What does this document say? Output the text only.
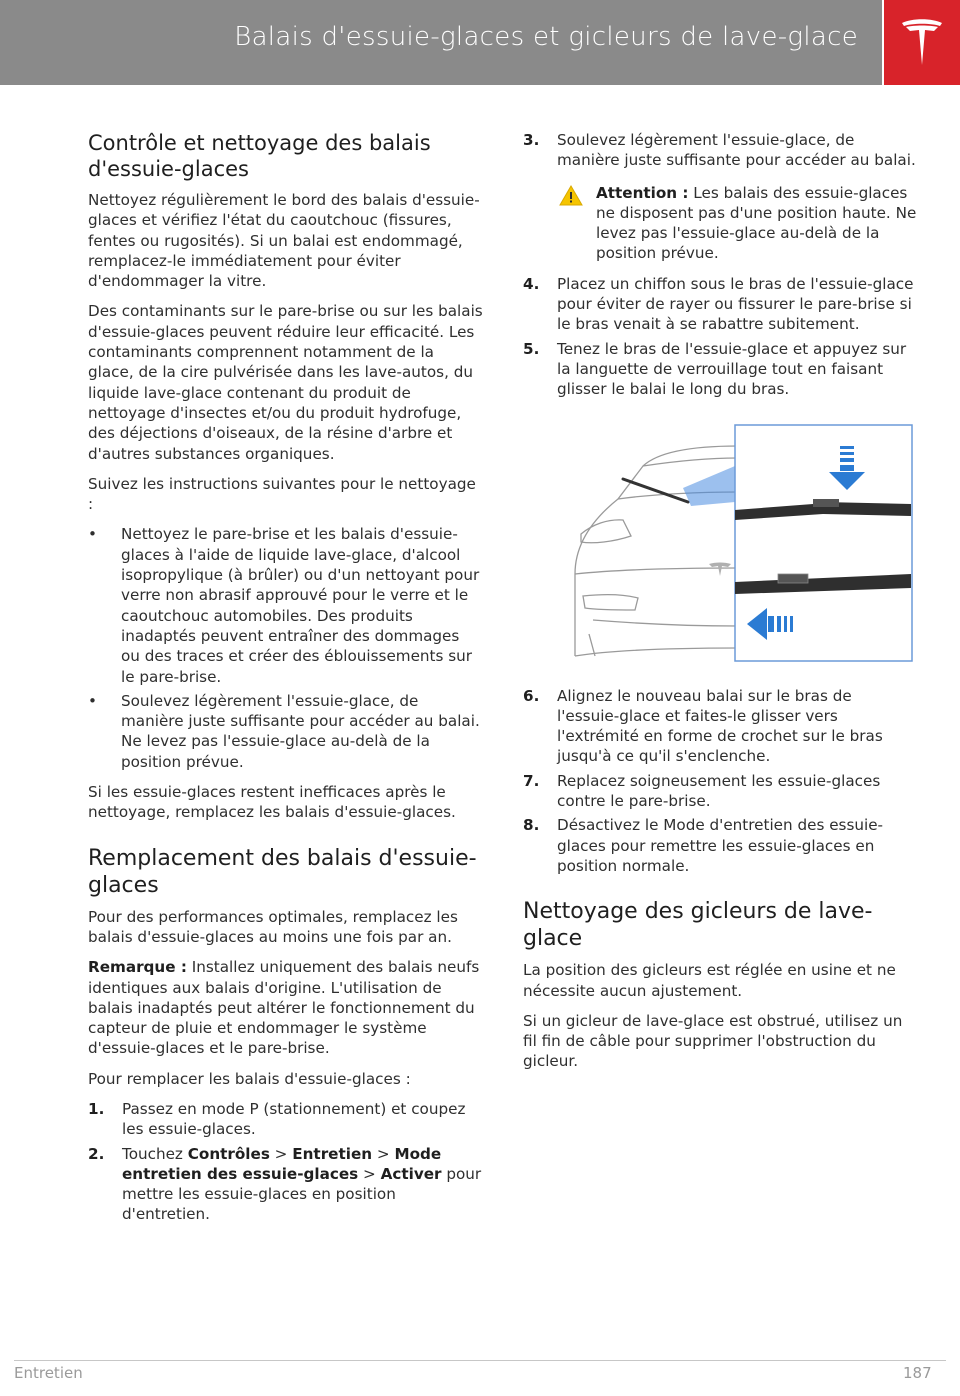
Balais d'essuie-glaces et gicleurs de lave-glace
Contrôle et nettoyage des balais d'essuie-glaces

Nettoyez régulièrement le bord des balais d'essuie-glaces et vérifiez l'état du caoutchouc (fissures, fentes ou rugosités). Si un balai est endommagé, remplacez-le immédiatement pour éviter d'endommager la vitre.

Des contaminants sur le pare-brise ou sur les balais d'essuie-glaces peuvent réduire leur efficacité. Les contaminants comprennent notamment de la glace, de la cire pulvérisée dans les lave-autos, du liquide lave-glace contenant du produit de nettoyage d'insectes et/ou du produit hydrofuge, des déjections d'oiseaux, de la résine d'arbre et d'autres substances organiques.

Suivez les instructions suivantes pour le nettoyage :

• Nettoyez le pare-brise et les balais d'essuie-glaces à l'aide de liquide lave-glace, d'alcool isopropylique (à brûler) ou d'un nettoyant pour verre non abrasif approuvé pour le verre et le caoutchouc automobiles. Des produits inadaptés peuvent entraîner des dommages ou des traces et créer des éblouissements sur le pare-brise.
• Soulevez légèrement l'essuie-glace, de manière juste suffisante pour accéder au balai. Ne levez pas l'essuie-glace au-delà de la position prévue.

Si les essuie-glaces restent inefficaces après le nettoyage, remplacez les balais d'essuie-glaces.

Remplacement des balais d'essuie-glaces

Pour des performances optimales, remplacez les balais d'essuie-glaces au moins une fois par an.

Remarque : Installez uniquement des balais neufs identiques aux balais d'origine. L'utilisation de balais inadaptés peut altérer le fonctionnement du capteur de pluie et endommager le système d'essuie-glaces et le pare-brise.

Pour remplacer les balais d'essuie-glaces :

1. Passez en mode P (stationnement) et coupez les essuie-glaces.
2. Touchez Contrôles > Entretien > Mode entretien des essuie-glaces > Activer pour mettre les essuie-glaces en position d'entretien.
3. Soulevez légèrement l'essuie-glace, de manière juste suffisante pour accéder au balai.
Attention : Les balais des essuie-glaces ne disposent pas d'une position haute. Ne levez pas l'essuie-glace au-delà de la position prévue.
4. Placez un chiffon sous le bras de l'essuie-glace pour éviter de rayer ou fissurer le pare-brise si le bras venait à se rabattre subitement.
5. Tenez le bras de l'essuie-glace et appuyez sur la languette de verrouillage tout en faisant glisser le balai le long du bras.
6. Alignez le nouveau balai sur le bras de l'essuie-glace et faites-le glisser vers l'extrémité en forme de crochet sur le bras jusqu'à ce qu'il s'enclenche.
7. Replacez soigneusement les essuie-glaces contre le pare-brise.
8. Désactivez le Mode d'entretien des essuie-glaces pour remettre les essuie-glaces en position normale.
Nettoyage des gicleurs de lave-glace

La position des gicleurs est réglée en usine et ne nécessite aucun ajustement.

Si un gicleur de lave-glace est obstrué, utilisez un fil fin de câble pour supprimer l'obstruction du gicleur.

Entretien	187
